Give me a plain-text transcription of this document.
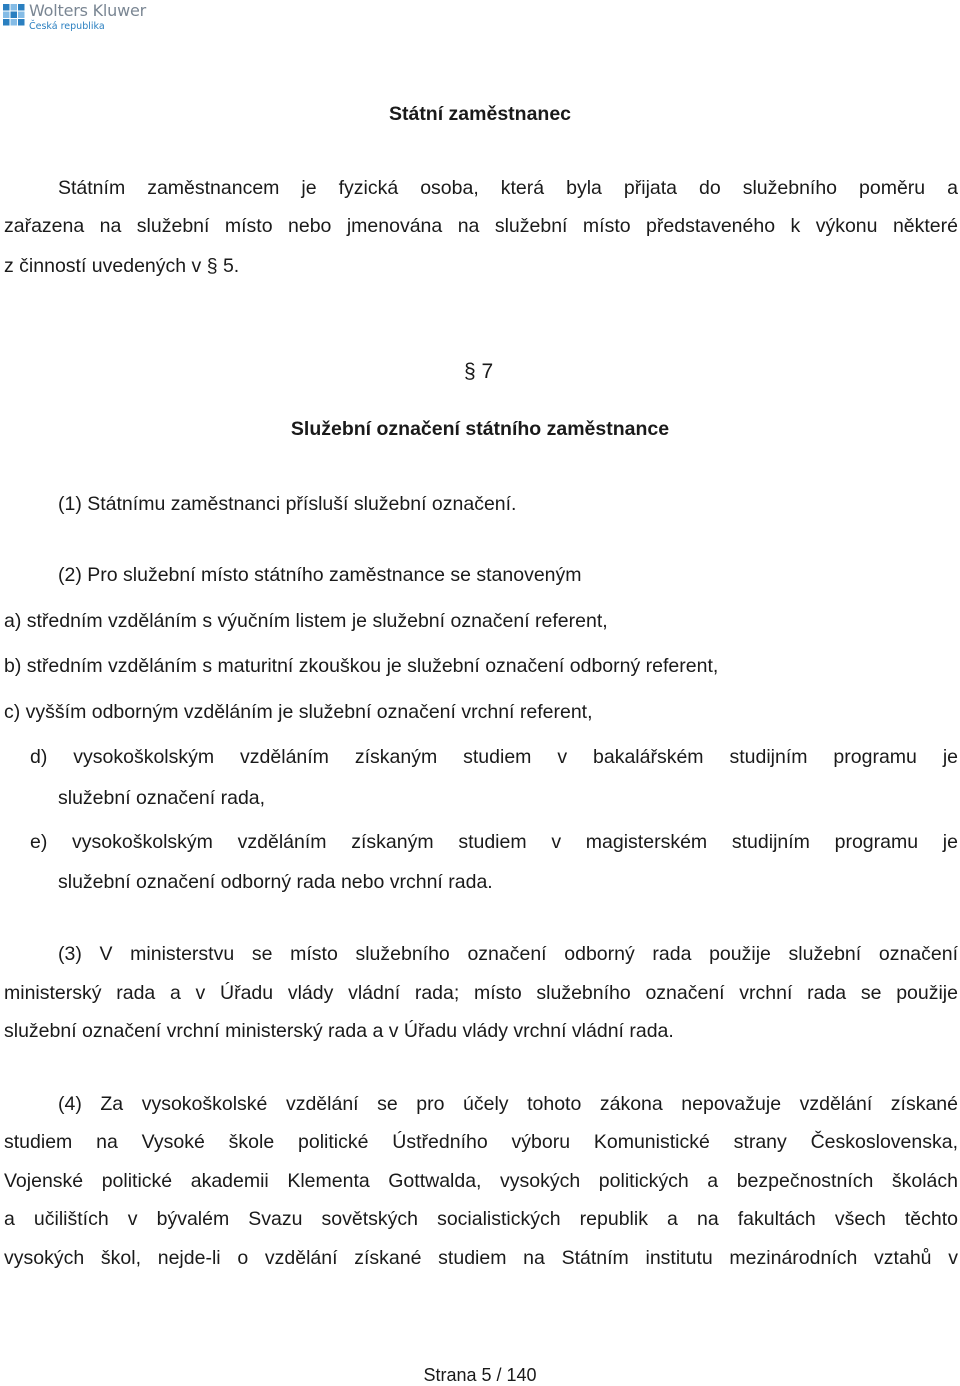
Wolters Kluwer
Česká republika
Státní zaměstnanec
Státním zaměstnancem je fyzická osoba, která byla přijata do služebního poměru a
zařazena na služební místo nebo jmenována na služební místo představeného k výkonu některé
z činností uvedených v § 5.
§ 7
Služební označení státního zaměstnance
(1) Státnímu zaměstnanci přísluší služební označení.
(2) Pro služební místo státního zaměstnance se stanoveným
a) středním vzděláním s výučním listem je služební označení referent,
b) středním vzděláním s maturitní zkouškou je služební označení odborný referent,
c) vyšším odborným vzděláním je služební označení vrchní referent,
d) vysokoškolským vzděláním získaným studiem v bakalářském studijním programu je
služební označení rada,
e) vysokoškolským vzděláním získaným studiem v magisterském studijním programu je
služební označení odborný rada nebo vrchní rada.
(3) V ministerstvu se místo služebního označení odborný rada použije služební označení
ministerský rada a v Úřadu vlády vládní rada; místo služebního označení vrchní rada se použije
služební označení vrchní ministerský rada a v Úřadu vlády vrchní vládní rada.
(4) Za vysokoškolské vzdělání se pro účely tohoto zákona nepovažuje vzdělání získané
studiem na Vysoké škole politické Ústředního výboru Komunistické strany Československa,
Vojenské politické akademii Klementa Gottwalda, vysokých politických a bezpečnostních školách
a učilištích v bývalém Svazu sovětských socialistických republik a na fakultách všech těchto
vysokých škol, nejde-li o vzdělání získané studiem na Státním institutu mezinárodních vztahů v
Strana 5 / 140
